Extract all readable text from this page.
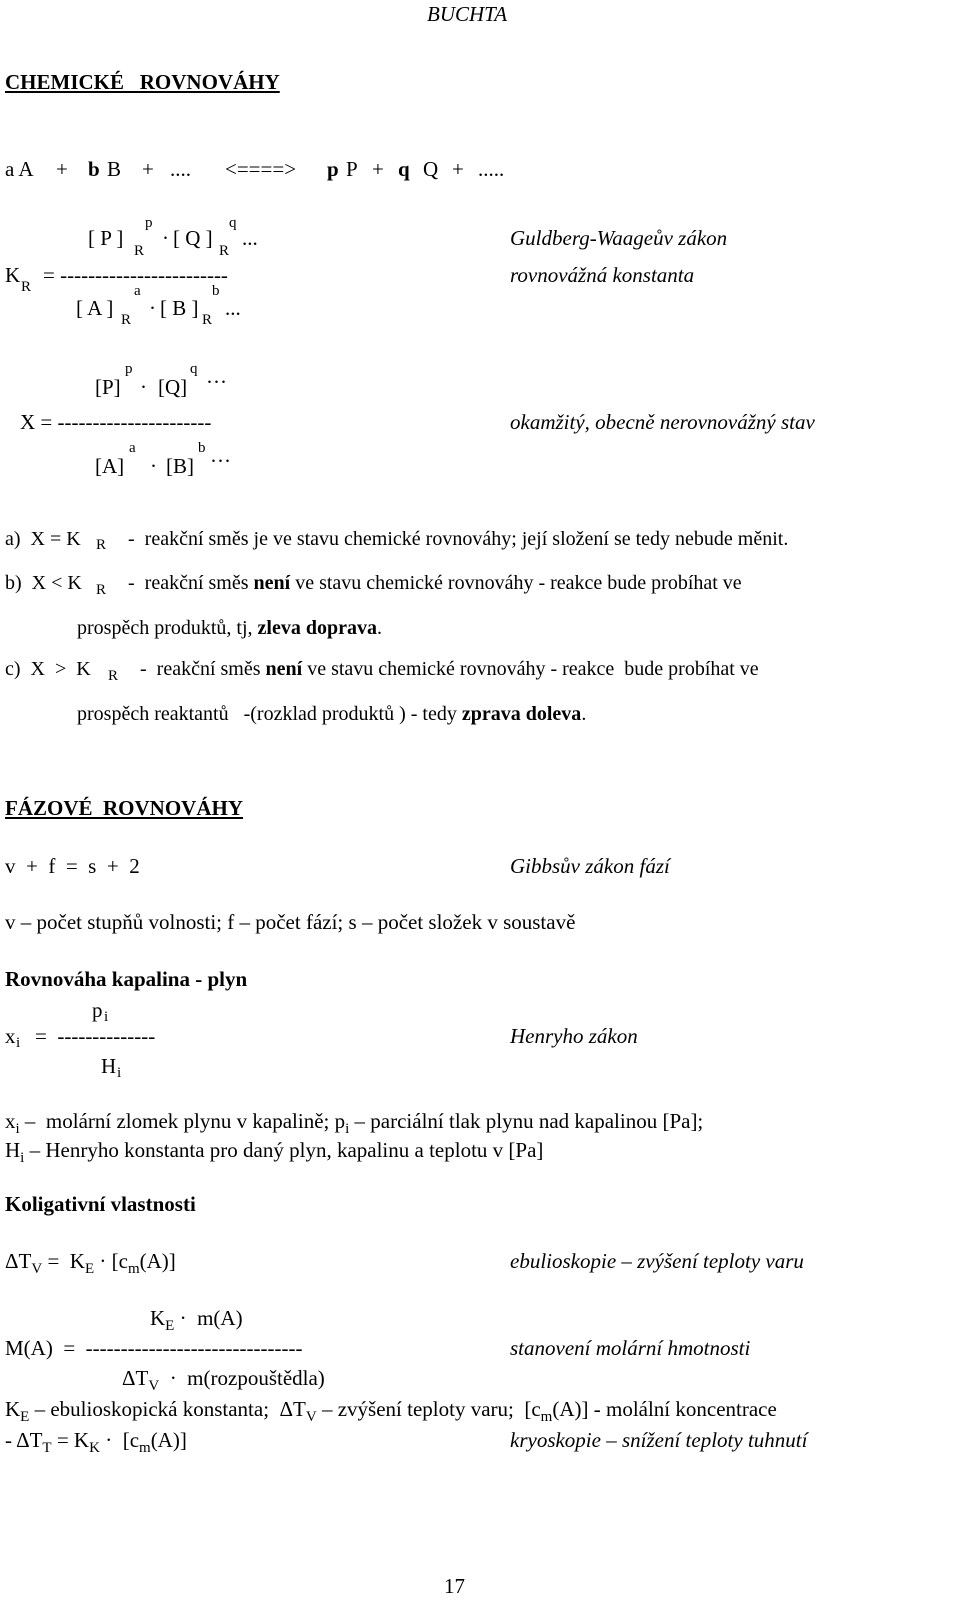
BUCHTA
CHEMICKÉ   ROVNOVÁHY
a A + b B + .... <====> p P + q Q + .....
[ P ]
R
p
· [ Q ]
R
q
...
K R = ------------------------
[ A ] R
a
· [ B ] R
b
...
Guldberg-Waageův zákon
rovnovážná konstanta
[P]
p
· [Q]
q
···
X = ----------------------
[A]
a
· [B]
b
···
okamžitý, obecně nerovnovážný stav
a)  X = K R -  reakční směs je ve stavu chemické rovnováhy; její složení se tedy nebude měnit.
b)  X < K R -  reakční směs není ve stavu chemické rovnováhy - reakce bude probíhat ve
prospěch produktů, tj, zleva doprava.
c)  X  >  K R -  reakční směs není ve stavu chemické rovnováhy - reakce  bude probíhat ve
prospěch reaktantů   -(rozklad produktů ) - tedy zprava doleva.
FÁZOVÉ  ROVNOVÁHY
v  +  f  =  s  +  2	Gibbsův zákon fází
v – počet stupňů volnosti; f – počet fází; s – počet složek v soustavě
Rovnováha kapalina - plyn
p i
x i =  --------------
H i
Henryho zákon
$x_i$ –  molární zlomek plynu v kapalině; $p_i$ – parciální tlak plynu nad kapalinou [Pa];
$H_i$ – Henryho konstanta pro daný plyn, kapalinu a teplotu v [Pa]
Koligativní vlastnosti
$\Delta T_V = K_E \cdot [c_m(A)]$	ebulioskopie – zvýšení teploty varu
$K_E \cdot m(A)$
M(A)  =  -------------------------------
$\Delta T_V$  ·  m(rozpouštědla)
stanovení molární hmotnosti
$K_E$ – ebulioskopická konstanta;  $\Delta T_V$ – zvýšení teploty varu;  $[c_m(A)]$ - molální koncentrace
- $\Delta T_T = K_K \cdot [c_m(A)]$	kryoskopie – snížení teploty tuhnutí
17
